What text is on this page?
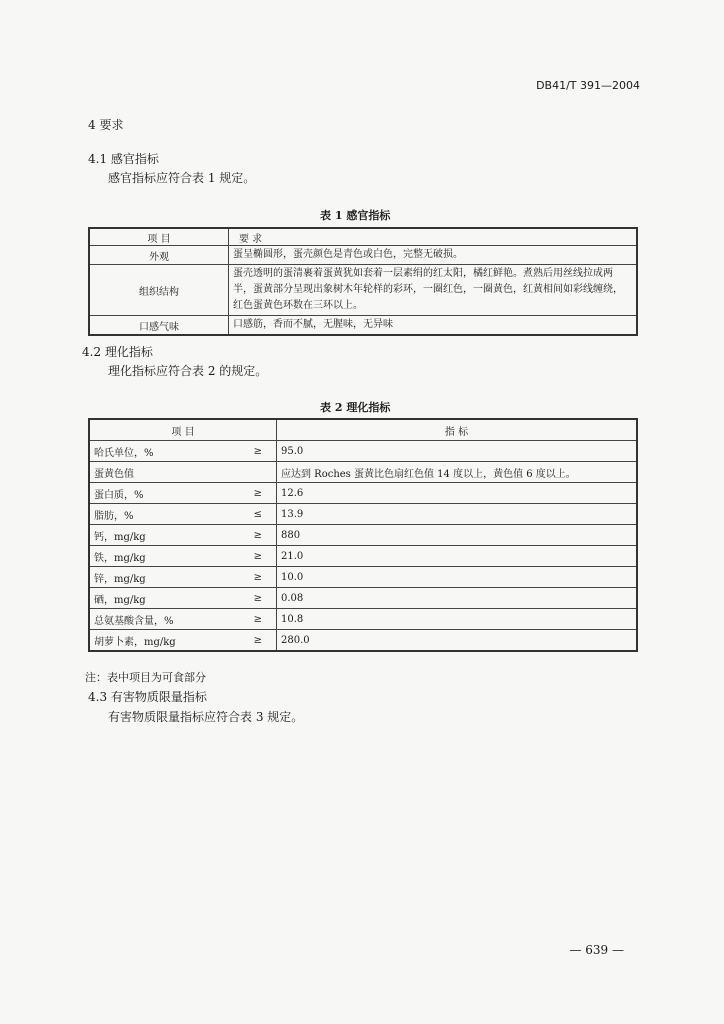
DB41/T 391—2004
4 要求
4.1 感官指标
感官指标应符合表 1 规定。
表 1 感官指标
项 目	要 求
外观	蛋呈椭圆形，蛋壳颜色是青色或白色，完整无破损。
组织结构	蛋壳透明的蛋清裹着蛋黄犹如套着一层素绢的红太阳，橘红鲜艳。煮熟后用丝线拉成两半，蛋黄部分呈现出象树木年轮样的彩环，一圈红色，一圈黄色，红黄相间如彩线缠绕，红色蛋黄色环数在三环以上。
口感气味	口感筋，香而不腻，无腥味，无异味
4.2 理化指标
理化指标应符合表 2 的规定。
表 2 理化指标
项 目		指 标
哈氏单位，%	≥	95.0
蛋黄色值		应达到 Roches 蛋黄比色扇红色值 14 度以上，黄色值 6 度以上。
蛋白质，%	≥	12.6
脂肪，%	≤	13.9
钙，mg/kg	≥	880
铁，mg/kg	≥	21.0
锌，mg/kg	≥	10.0
硒，mg/kg	≥	0.08
总氨基酸含量，%	≥	10.8
胡萝卜素，mg/kg	≥	280.0
注：表中项目为可食部分
4.3 有害物质限量指标
有害物质限量指标应符合表 3 规定。
— 639 —
